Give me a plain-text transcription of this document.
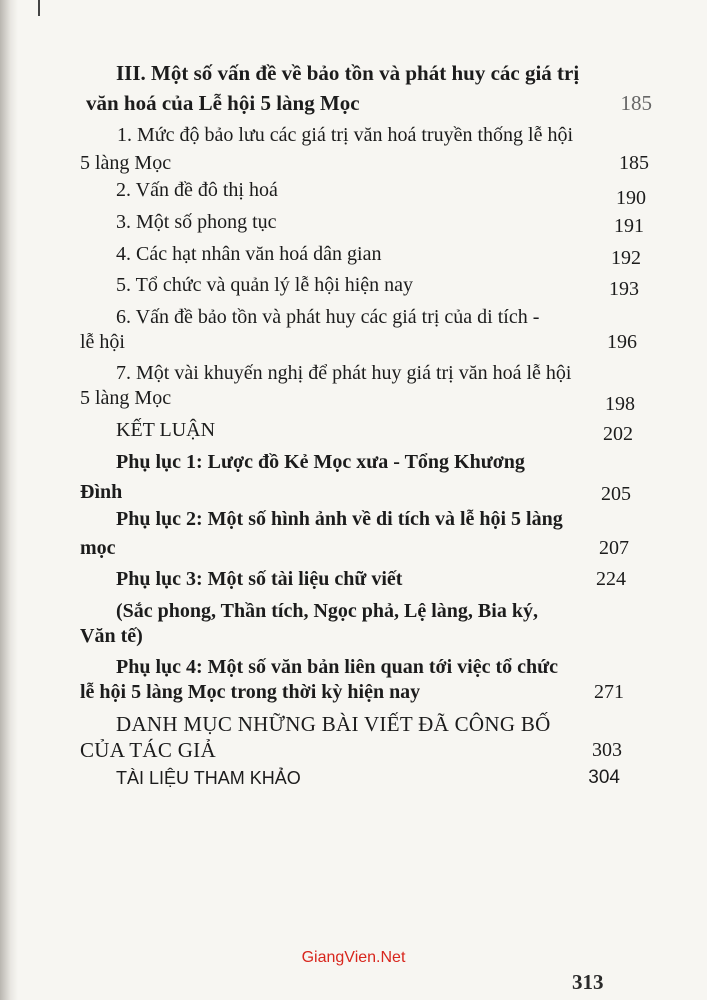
III. Một số vấn đề về bảo tồn và phát huy các giá trị
văn hoá của Lễ hội 5 làng Mọc	185
1. Mức độ bảo lưu các giá trị văn hoá truyền thống lễ hội
5 làng Mọc	185
2. Vấn đề đô thị hoá	190
3. Một số phong tục	191
4. Các hạt nhân văn hoá dân gian	192
5. Tổ chức và quản lý lễ hội hiện nay	193
6. Vấn đề bảo tồn và phát huy các giá trị của di tích -
lễ hội	196
7. Một vài khuyến nghị để phát huy giá trị văn hoá lễ hội
5 làng Mọc	198
KẾT LUẬN	202
Phụ lục 1: Lược đồ Kẻ Mọc xưa - Tổng Khương
Đình	205
Phụ lục 2: Một số hình ảnh về di tích và lễ hội 5 làng
mọc	207
Phụ lục 3: Một số tài liệu chữ viết	224
(Sắc phong, Thần tích, Ngọc phả, Lệ làng, Bia ký,
Văn tế)
Phụ lục 4: Một số văn bản liên quan tới việc tổ chức
lễ hội 5 làng Mọc trong thời kỳ hiện nay	271
DANH MỤC NHỮNG BÀI VIẾT ĐÃ CÔNG BỐ
CỦA TÁC GIẢ	303
TÀI LIỆU THAM KHẢO	304
GiangVien.Net
313
